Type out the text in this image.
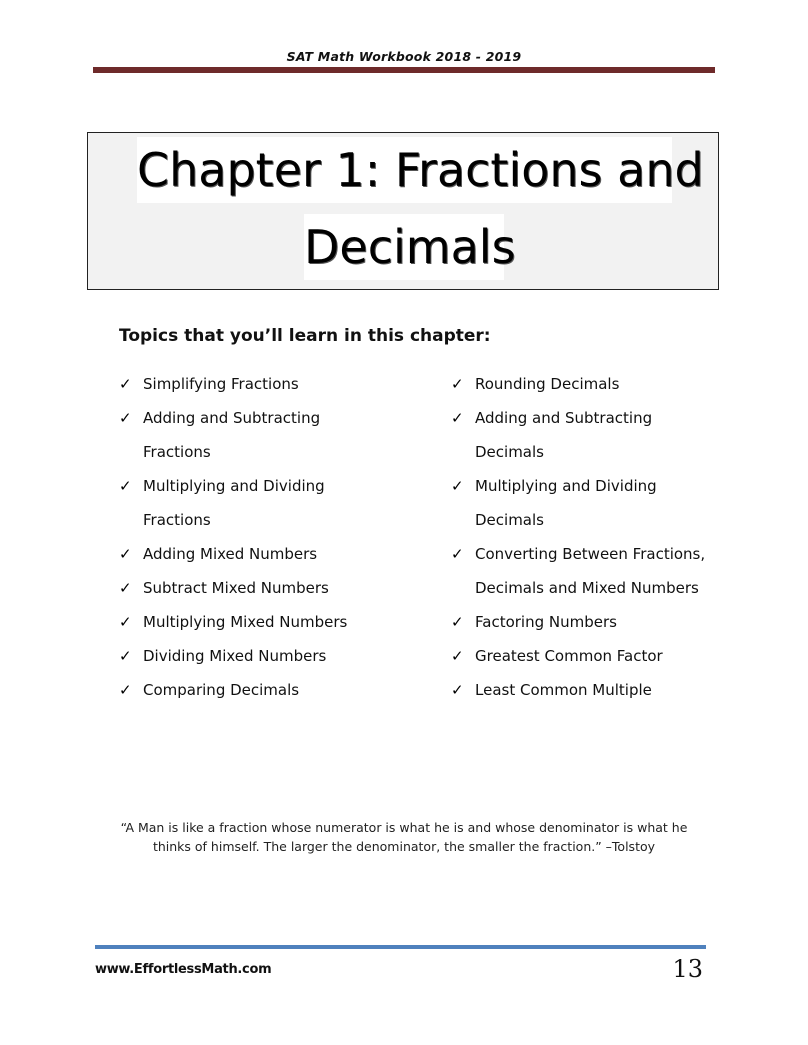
SAT Math Workbook 2018 - 2019
Chapter 1: Fractions and
Decimals
Topics that you’ll learn in this chapter:
✓ Simplifying Fractions
✓ Adding and Subtracting
Fractions
✓ Multiplying and Dividing
Fractions
✓ Adding Mixed Numbers
✓ Subtract Mixed Numbers
✓ Multiplying Mixed Numbers
✓ Dividing Mixed Numbers
✓ Comparing Decimals
✓ Rounding Decimals
✓ Adding and Subtracting
Decimals
✓ Multiplying and Dividing
Decimals
✓ Converting Between Fractions,
Decimals and Mixed Numbers
✓ Factoring Numbers
✓ Greatest Common Factor
✓ Least Common Multiple
“A Man is like a fraction whose numerator is what he is and whose denominator is what he
thinks of himself. The larger the denominator, the smaller the fraction.” –Tolstoy
www.EffortlessMath.com	13
